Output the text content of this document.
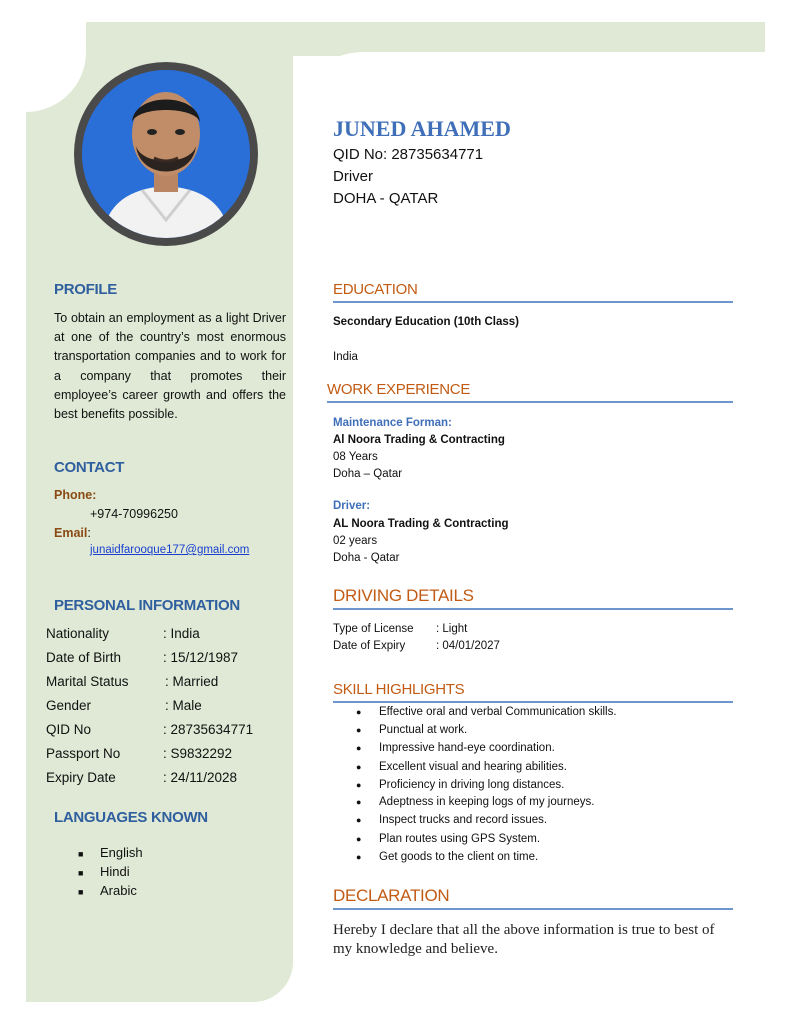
PROFILE
To obtain an employment as a light Driver at one of the country’s most enormous transportation companies and to work for a company that promotes their employee’s career growth and offers the best benefits possible.
CONTACT
Phone:
+974-70996250
Email:
junaidfarooque177@gmail.com
PERSONAL INFORMATION
Nationality	: India
Date of Birth	: 15/12/1987
Marital Status	: Married
Gender	: Male
QID No	: 28735634771
Passport No	: S9832292
Expiry Date	: 24/11/2028
LANGUAGES KNOWN
■ English
■ Hindi
■ Arabic
JUNED AHAMED
QID No: 28735634771
Driver
DOHA - QATAR
EDUCATION
Secondary Education (10th Class)
India
WORK EXPERIENCE
Maintenance Forman:
Al Noora Trading & Contracting
08 Years
Doha – Qatar
Driver:
AL Noora Trading & Contracting
02 years
Doha - Qatar
DRIVING DETAILS
Type of License : Light
Date of Expiry	: 04/01/2027
SKILL HIGHLIGHTS
● Effective oral and verbal Communication skills.
● Punctual at work.
● Impressive hand-eye coordination.
● Excellent visual and hearing abilities.
● Proficiency in driving long distances.
● Adeptness in keeping logs of my journeys.
● Inspect trucks and record issues.
● Plan routes using GPS System.
● Get goods to the client on time.
DECLARATION
Hereby I declare that all the above information is true to best of my knowledge and believe.
